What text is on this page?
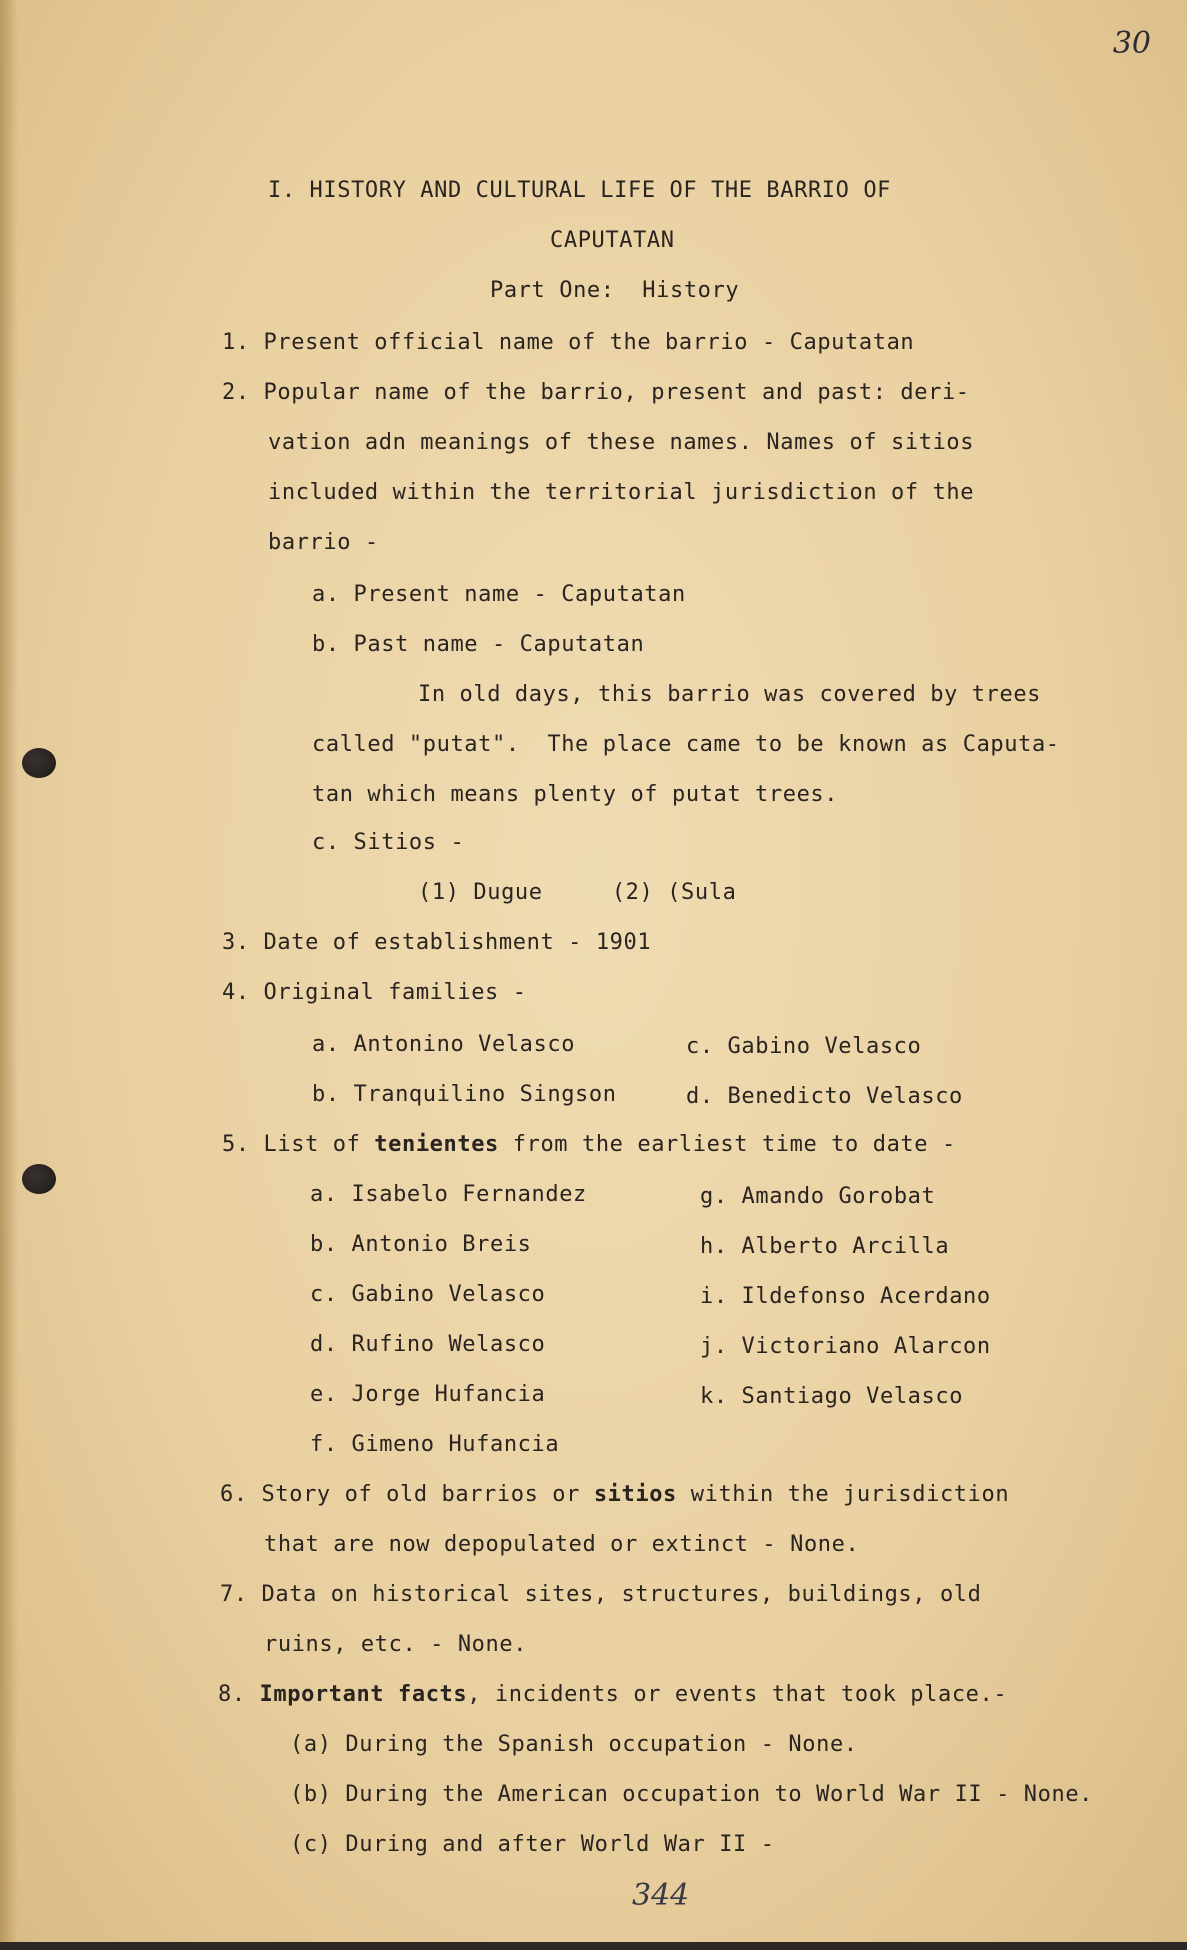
30
I. HISTORY AND CULTURAL LIFE OF THE BARRIO OF
CAPUTATAN
Part One:  History
1. Present official name of the barrio - Caputatan
2. Popular name of the barrio, present and past: deri-
vation adn meanings of these names. Names of sitios
included within the territorial jurisdiction of the
barrio -
a. Present name - Caputatan
b. Past name - Caputatan
In old days, this barrio was covered by trees
called "putat".  The place came to be known as Caputa-
tan which means plenty of putat trees.
c. Sitios -
(1) Dugue     (2) (Sula
3. Date of establishment - 1901
4. Original families -
a. Antonino Velasco	c. Gabino Velasco
b. Tranquilino Singson	d. Benedicto Velasco
5. List of tenientes from the earliest time to date -
a. Isabelo Fernandez	g. Amando Gorobat
b. Antonio Breis	h. Alberto Arcilla
c. Gabino Velasco	i. Ildefonso Acerdano
d. Rufino Welasco	j. Victoriano Alarcon
e. Jorge Hufancia	k. Santiago Velasco
f. Gimeno Hufancia
6. Story of old barrios or sitios within the jurisdiction
that are now depopulated or extinct - None.
7. Data on historical sites, structures, buildings, old
ruins, etc. - None.
8. Important facts, incidents or events that took place.-
(a) During the Spanish occupation - None.
(b) During the American occupation to World War II - None.
(c) During and after World War II -
344
